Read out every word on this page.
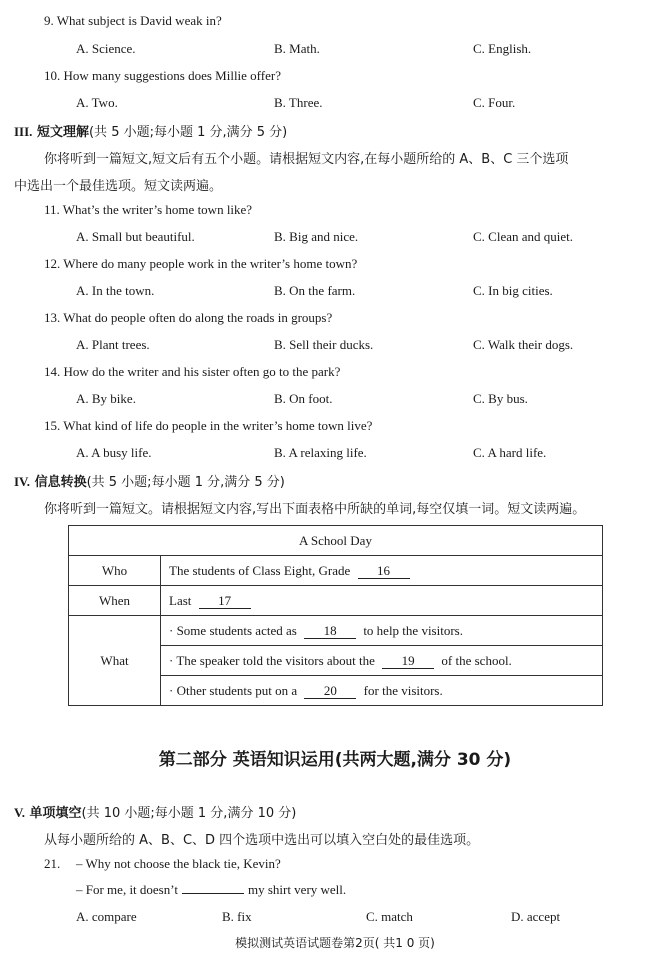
9. What subject is David weak in?
A. Science.	B. Math.	C. English.
10. How many suggestions does Millie offer?
A. Two.	B. Three.	C. Four.
III. 短文理解(共 5 小题;每小题 1 分,满分 5 分)
你将听到一篇短文,短文后有五个小题。请根据短文内容,在每小题所给的 A、B、C 三个选项
中选出一个最佳选项。短文读两遍。
11. What’s the writer’s home town like?
A. Small but beautiful.	B. Big and nice.	C. Clean and quiet.
12. Where do many people work in the writer’s home town?
A. In the town.	B. On the farm.	C. In big cities.
13. What do people often do along the roads in groups?
A. Plant trees.	B. Sell their ducks.	C. Walk their dogs.
14. How do the writer and his sister often go to the park?
A. By bike.	B. On foot.	C. By bus.
15. What kind of life do people in the writer’s home town live?
A. A busy life.	B. A relaxing life.	C. A hard life.
IV. 信息转换(共 5 小题;每小题 1 分,满分 5 分)
你将听到一篇短文。请根据短文内容,写出下面表格中所缺的单词,每空仅填一词。短文读两遍。
A School Day	
Who	The students of Class Eight, Grade 16
When	Last 17
What	· Some students acted as 18 to help the visitors.
	· The speaker told the visitors about the 19 of the school.
	· Other students put on a 20 for the visitors.
第二部分 英语知识运用(共两大题,满分 30 分)
V. 单项填空(共 10 小题;每小题 1 分,满分 10 分)
从每小题所给的 A、B、C、D 四个选项中选出可以填入空白处的最佳选项。
21. – Why not choose the black tie, Kevin?
– For me, it doesn’t	my shirt very well.
A. compare	B. fix	C. match	D. accept
模拟测试英语试题卷第2页( 共1 0 页)
